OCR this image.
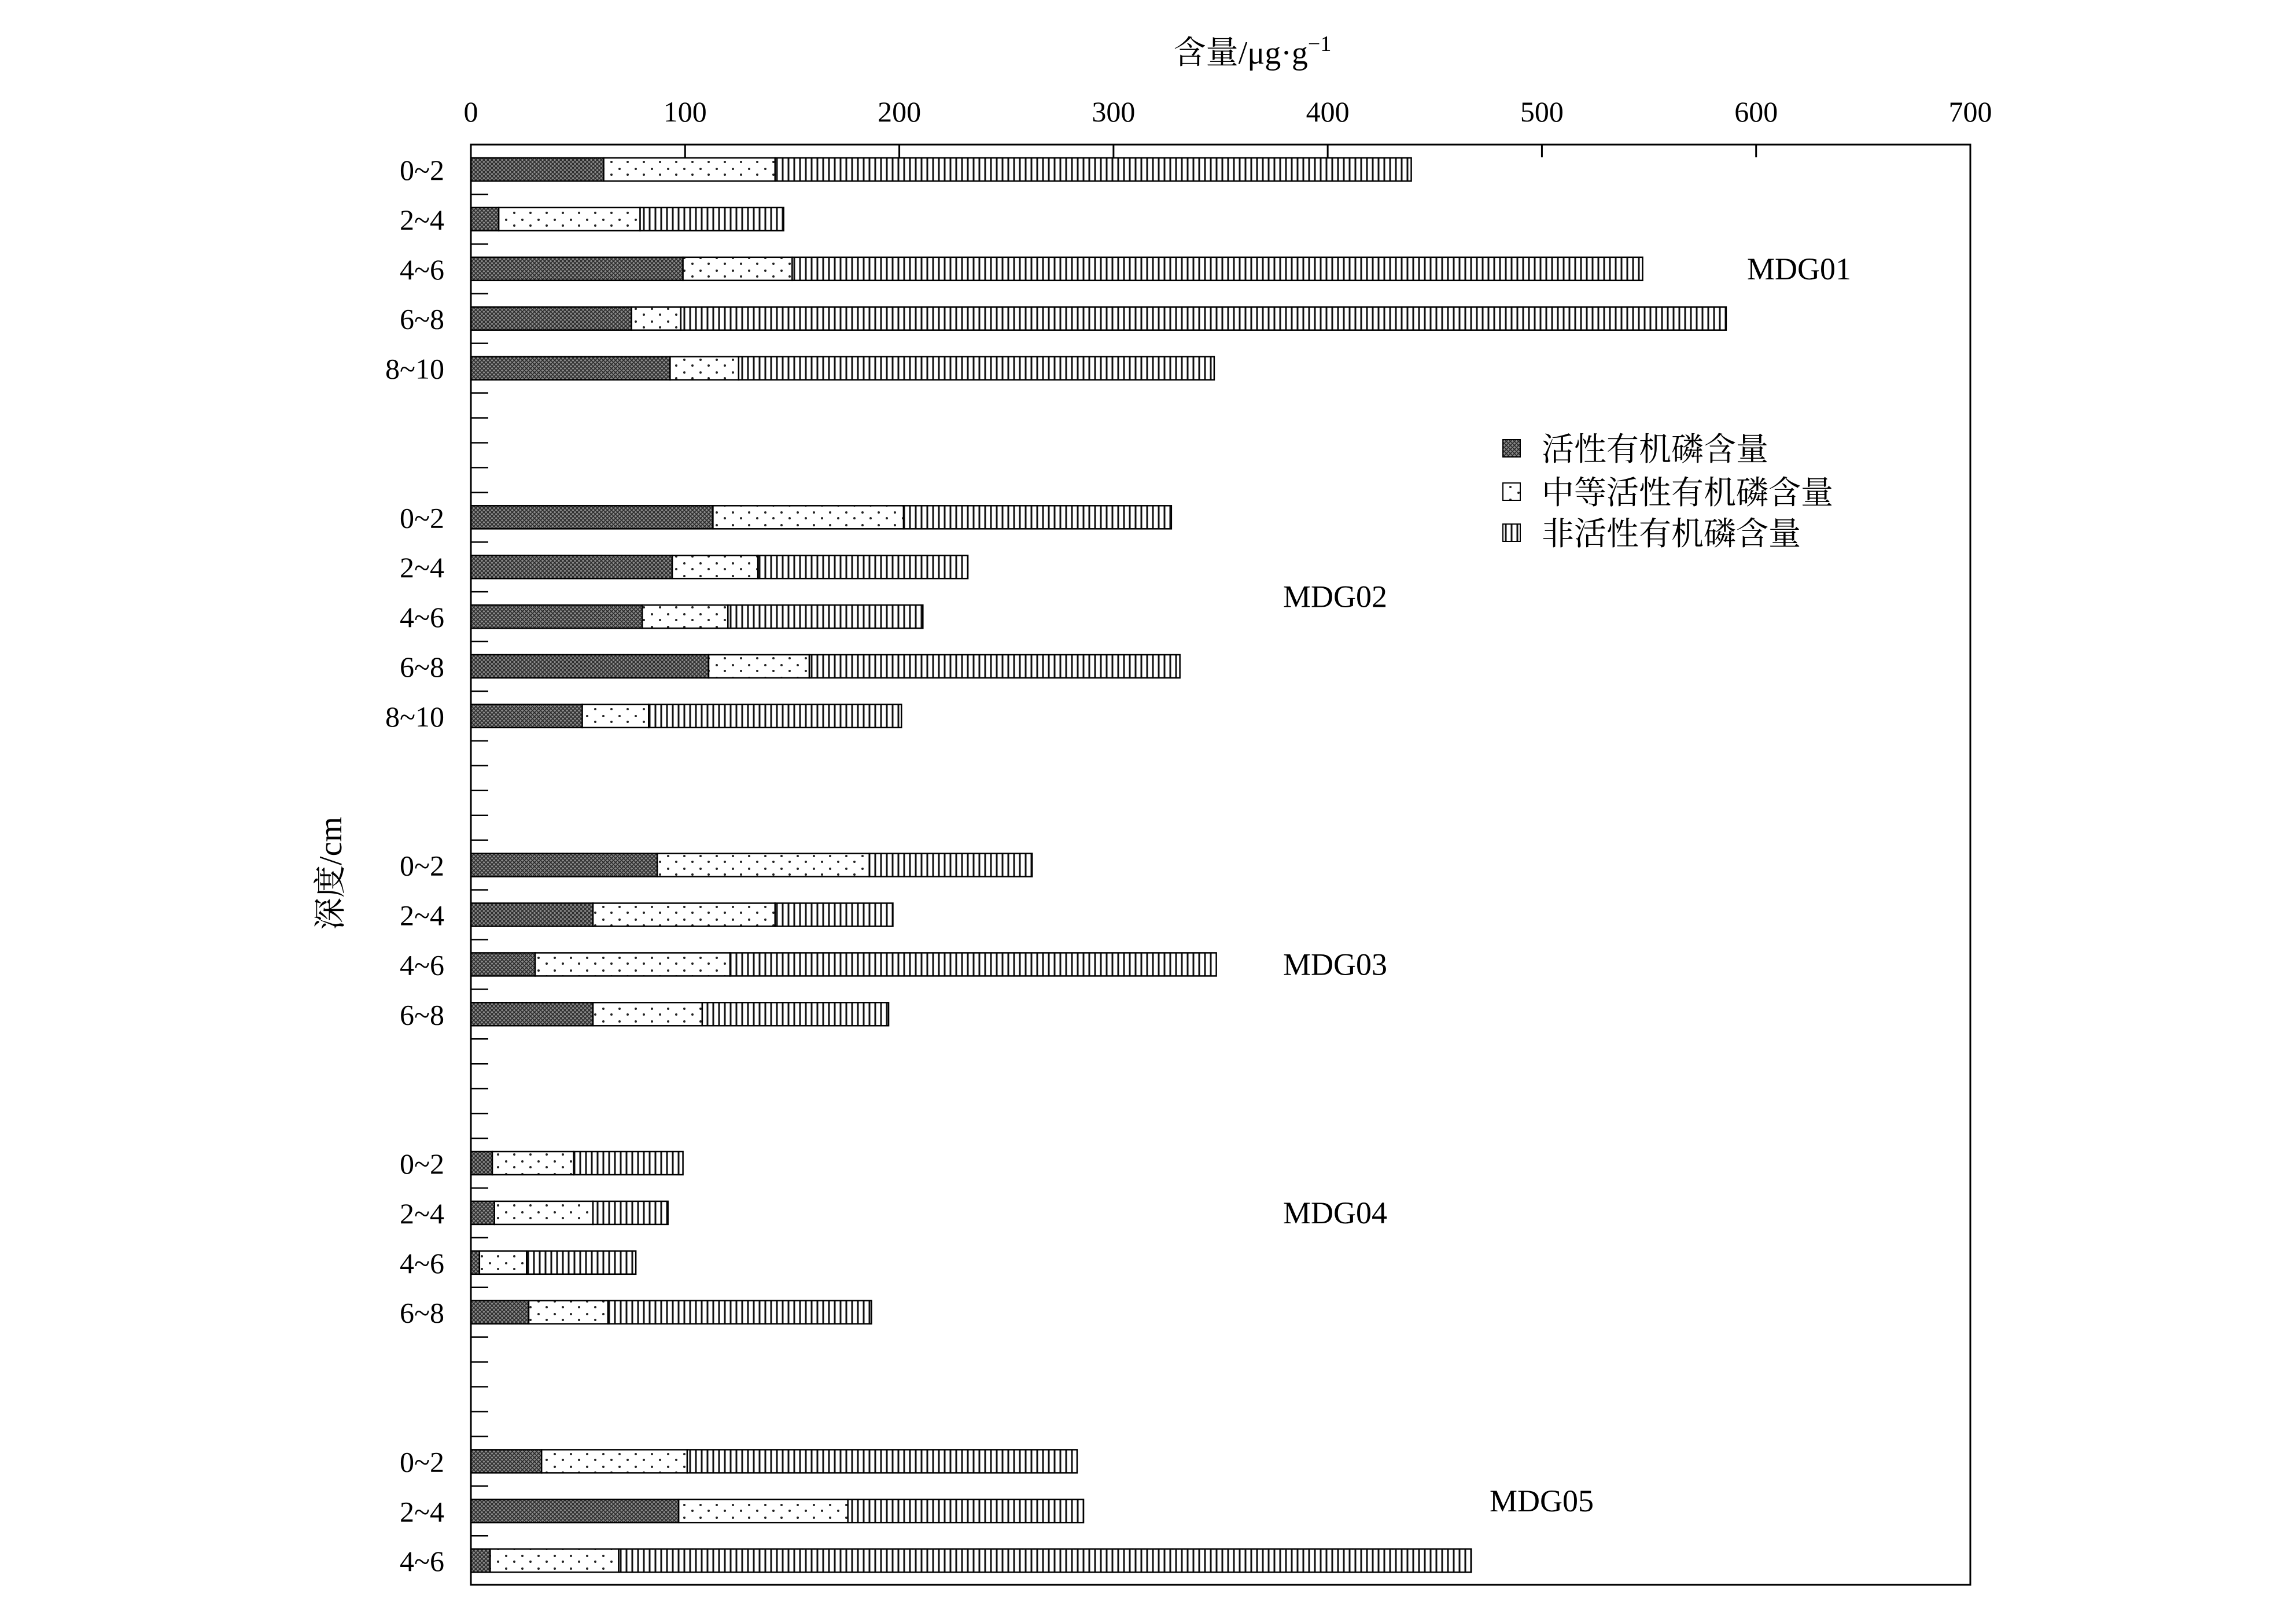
含量$/\mu g\cdot g^{-1}$
深度/cm
0	100	200	300	400	500	600	700
0~2
2~4
4~6
6~8
8~10
0~2
2~4
4~6
6~8
8~10
0~2
2~4
4~6
6~8
0~2
2~4
4~6
6~8
0~2
2~4
4~6
MDG01
MDG02
MDG03
MDG04
MDG05
活性有机磷含量
中等活性有机磷含量
非活性有机磷含量
